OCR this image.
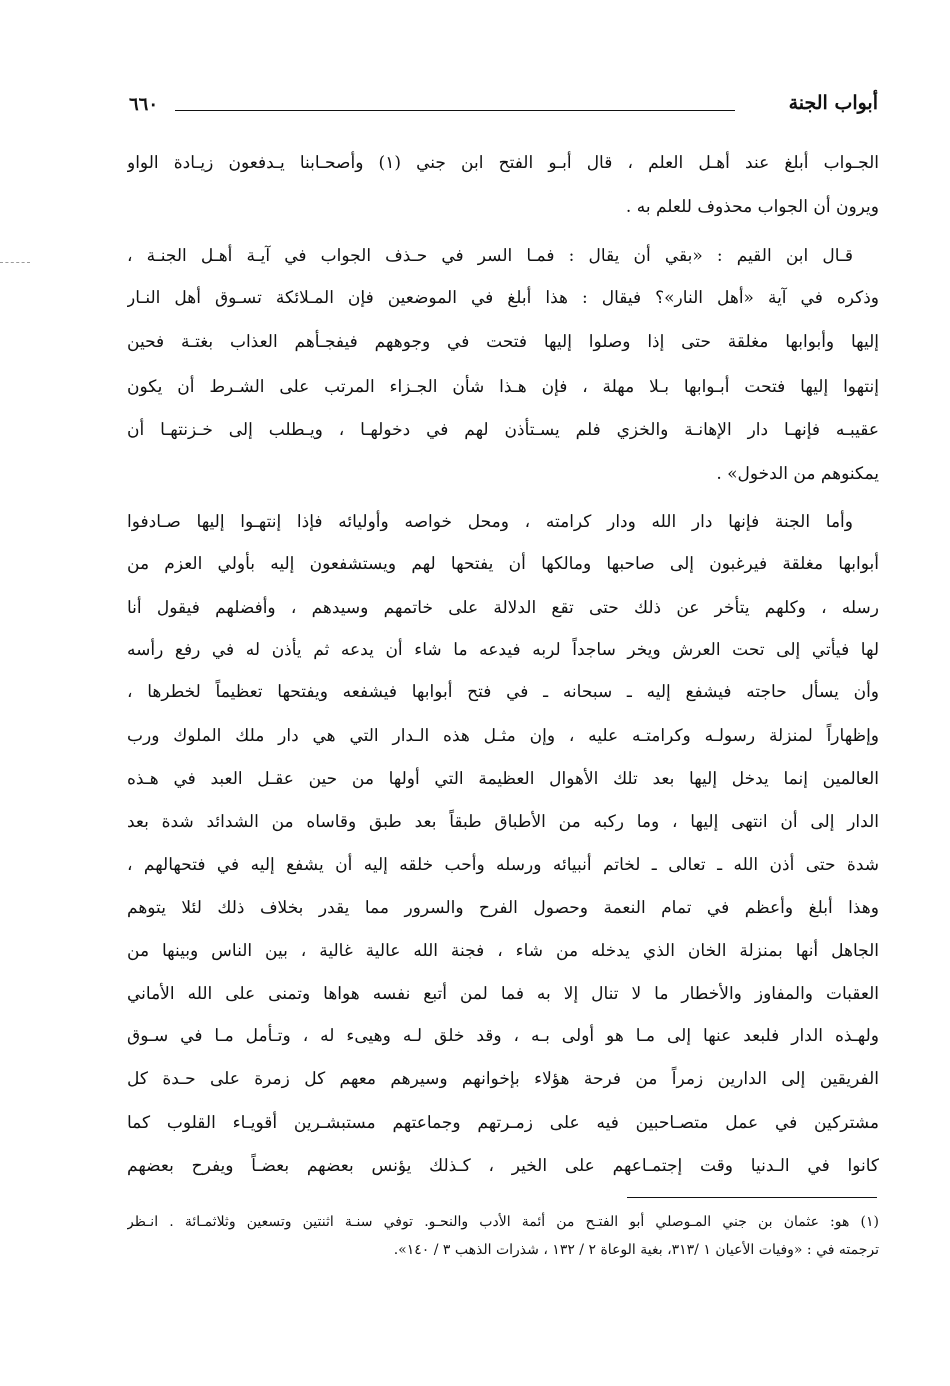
٦٦٠	أبواب الجنة
الجـواب أبلغ عند أهـل العلم ، قال أبـو الفتح ابن جني (١) وأصحـابنا يـدفعون زيـادة الواو
ويرون أن الجواب محذوف للعلم به .
قـال ابن القيم : «بقي أن يقال : فمـا السر في حـذف الجواب في آيـة أهـل الجنـة ،
وذكره في آية «أهل النار»؟ فيقال : هذا أبلغ في الموضعين فإن المـلائكة تسـوق أهل النـار
إليها وأبوابها مغلقة حتى إذا وصلوا إليها فتحت في وجوههم فيفجـأهم العذاب بغتـة فحين
إنتهوا إليها فتحت أبـوابها بـلا مهلة ، فإن هـذا شأن الجـزاء المرتب على الشـرط أن يكون
عقيبـه فإنهـا دار الإهانـة والخزي فلم يسـتأذن لهم في دخولهـا ، ويـطلب إلى خـزنتهـا أن
يمكنوهم من الدخول» .
وأما الجنة فإنها دار الله ودار كرامته ، ومحل خواصه وأوليائه فإذا إنتهـوا إليها صـادفوا
أبوابها مغلقة فيرغبون إلى صاحبها ومالكها أن يفتحها لهم ويستشفعون إليه بأولي العزم من
رسله ، وكلهم يتأخر عن ذلك حتى تقع الدلالة على خاتمهم وسيدهم ، وأفضلهم فيقول أنا
لها فيأتي إلى تحت العرش ويخر ساجداً لربه فيدعه ما شاء أن يدعه ثم يأذن له في رفع رأسه
وأن يسأل حاجته فيشفع إليه ـ سبحانه ـ في فتح أبوابها فيشفعه ويفتحها تعظيماً لخطرها ،
وإظهاراً لمنزلة رسولـه وكرامتـه عليه ، وإن مثـل هذه الـدار التي هي دار ملك الملوك ورب
العالمين إنما يدخل إليها بعد تلك الأهوال العظيمة التي أولها من حين عقـل العبد في هـذه
الدار إلى أن انتهى إليها ، وما ركبه من الأطباق طبقاً بعد طبق وقاساه من الشدائد شدة بعد
شدة حتى أذن الله ـ تعالى ـ لخاتم أنبيائه ورسله وأحب خلقه إليه أن يشفع إليه في فتحهالهم ،
وهذا أبلغ وأعظم في تمام النعمة وحصول الفرح والسرور مما يقدر بخلاف ذلك لئلا يتوهم
الجاهل أنها بمنزلة الخان الذي يدخله من شاء ، فجنة الله عالية غالية ، بين الناس وبينها من
العقبات والمفاوز والأخطار ما لا تنال إلا به فما لمن أتبع نفسه هواها وتمنى على الله الأماني
ولهـذه الدار فلبعد عنها إلى مـا هو أولى بـه ، وقد خلق لـه وهيىء له ، وتـأمل مـا في سـوق
الفريقين إلى الدارين زمراً من فرحة هؤلاء بإخوانهم وسيرهم معهم كل زمرة على حـدة كل
مشتركين في عمل متصـاحبين فيه على زمـرتهم وجماعتهم مستبشـرين أقويـاء القلوب كما
كانوا في الـدنيا وقت إجتمـاعهم على الخير ، كـذلك يؤنس بعضهم بعضـاً ويفرح بعضهم
(١) هو: عثمان بن جني المـوصلي أبو الفتـح من أئمة الأدب والنحـو. توفي سنـة اثنتين وتسعين وثلاثمـائة . انـظر
ترجمته في : «وفيات الأعيان ١ /٣١٣، بغية الوعاة ٢ / ١٣٢ ، شذرات الذهب ٣ / ١٤٠».
